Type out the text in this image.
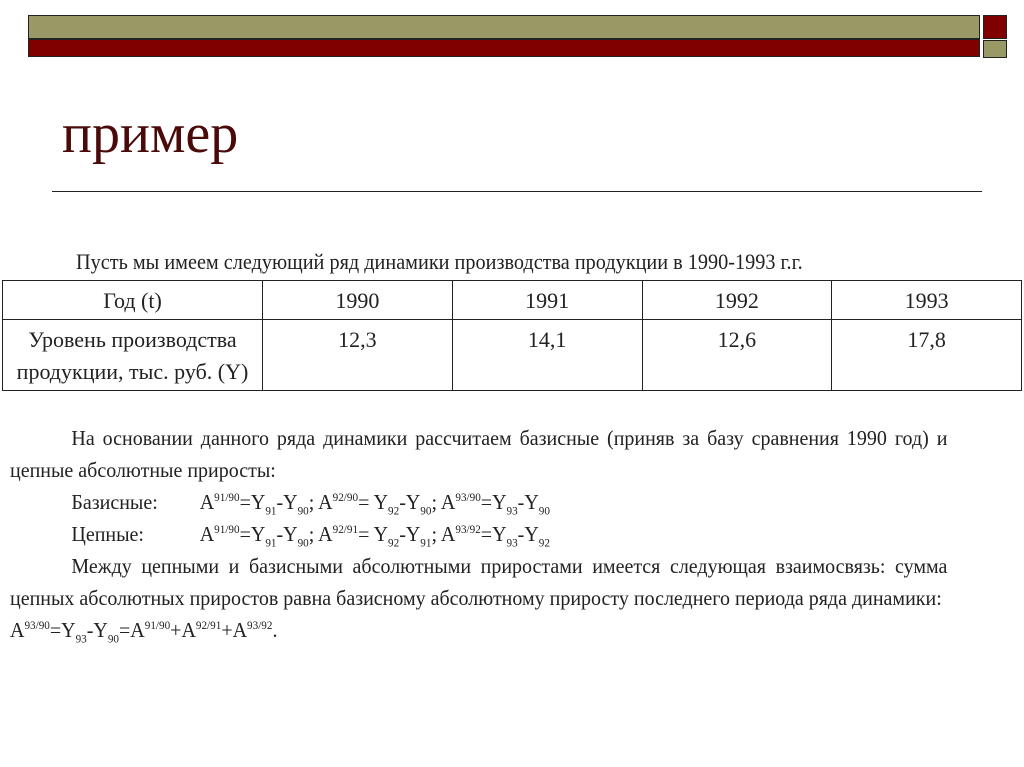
пример
Пусть мы имеем следующий ряд динамики производства продукции в 1990-1993 г.г.
Год (t)	1990	1991	1992	1993
Уровень производства
продукции, тыс. руб. (Y)	12,3	14,1	12,6	17,8

На основании данного ряда динамики рассчитаем базисные (приняв за базу сравнения 1990 год) и цепные абсолютные приросты:

Базисные: $A^{91/90}=Y_{91}-Y_{90}$; $A^{92/90}= Y_{92}-Y_{90}$; $A^{93/90}=Y_{93}-Y_{90}$
Цепные:	$A^{91/90}=Y_{91}-Y_{90}$; $A^{92/91}= Y_{92}-Y_{91}$; $A^{93/92}=Y_{93}-Y_{92}$

Между цепными и базисными абсолютными приростами имеется следующая взаимосвязь: сумма цепных абсолютных приростов равна базисному абсолютному приросту последнего периода ряда динамики:

$A^{93/90}=Y_{93}-Y_{90}=A^{91/90}+A^{92/91}+A^{93/92}$.
